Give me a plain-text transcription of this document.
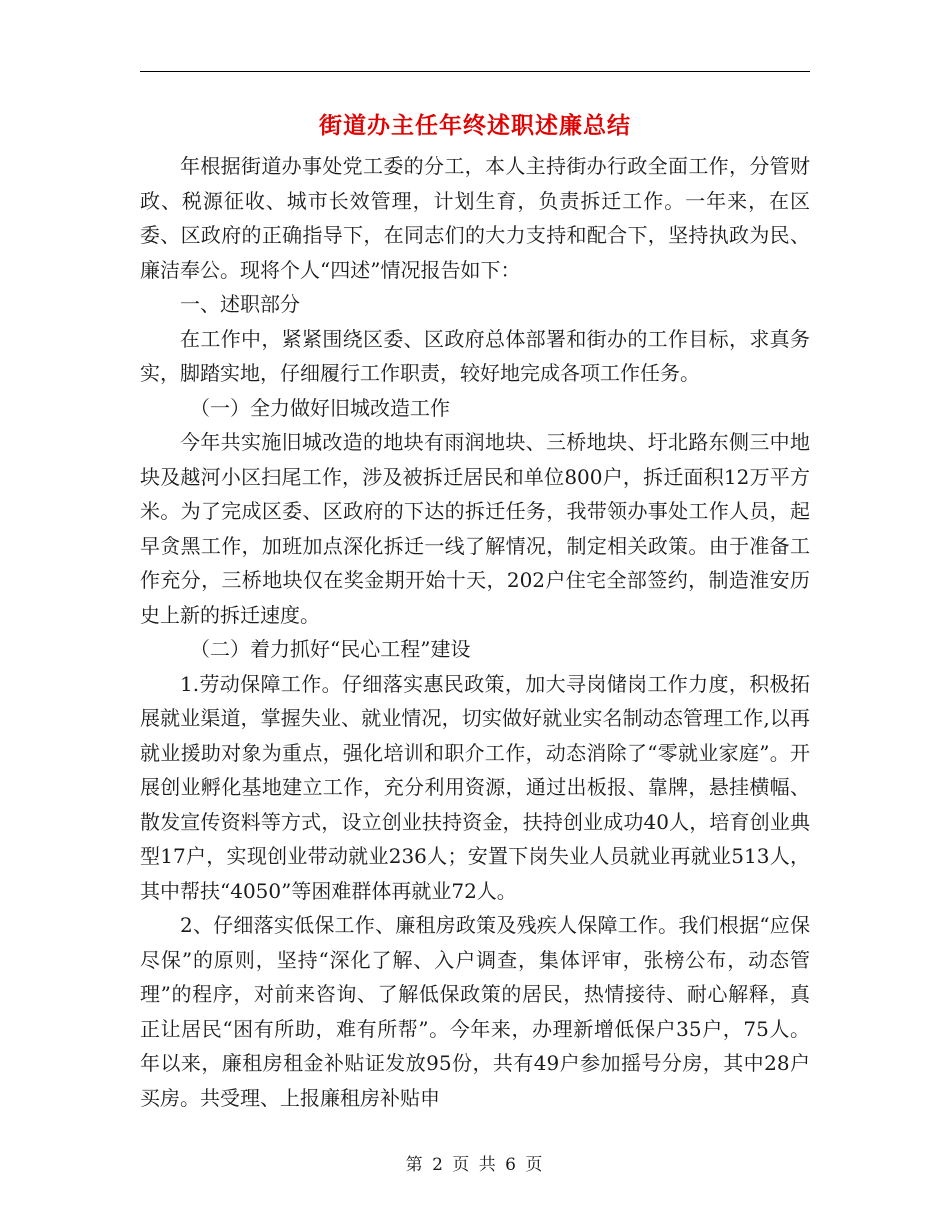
街道办主任年终述职述廉总结

年根据街道办事处党工委的分工，本人主持街办行政全面工作，分管财政、税源征收、城市长效管理，计划生育，负责拆迁工作。一年来，在区委、区政府的正确指导下，在同志们的大力支持和配合下，坚持执政为民、廉洁奉公。现将个人“四述”情况报告如下：

一、述职部分

在工作中，紧紧围绕区委、区政府总体部署和街办的工作目标，求真务实，脚踏实地，仔细履行工作职责，较好地完成各项工作任务。

（一）全力做好旧城改造工作

今年共实施旧城改造的地块有雨润地块、三桥地块、圩北路东侧三中地块及越河小区扫尾工作，涉及被拆迁居民和单位800户，拆迁面积12万平方米。为了完成区委、区政府的下达的拆迁任务，我带领办事处工作人员，起早贪黑工作，加班加点深化拆迁一线了解情况，制定相关政策。由于准备工作充分，三桥地块仅在奖金期开始十天，202户住宅全部签约，制造淮安历史上新的拆迁速度。

（二）着力抓好“民心工程”建设

1.劳动保障工作。仔细落实惠民政策，加大寻岗储岗工作力度，积极拓展就业渠道，掌握失业、就业情况，切实做好就业实名制动态管理工作,以再就业援助对象为重点，强化培训和职介工作，动态消除了“零就业家庭”。开展创业孵化基地建立工作，充分利用资源，通过出板报、靠牌，悬挂横幅、散发宣传资料等方式，设立创业扶持资金，扶持创业成功40人，培育创业典型17户，实现创业带动就业236人；安置下岗失业人员就业再就业513人，其中帮扶“4050”等困难群体再就业72人。

2、仔细落实低保工作、廉租房政策及残疾人保障工作。我们根据“应保尽保”的原则，坚持“深化了解、入户调查，集体评审，张榜公布，动态管理”的程序，对前来咨询、了解低保政策的居民，热情接待、耐心解释，真正让居民“困有所助，难有所帮”。今年来，办理新增低保户35户，75人。年以来，廉租房租金补贴证发放95份，共有49户参加摇号分房，其中28户买房。共受理、上报廉租房补贴申

第 2 页 共 6 页
